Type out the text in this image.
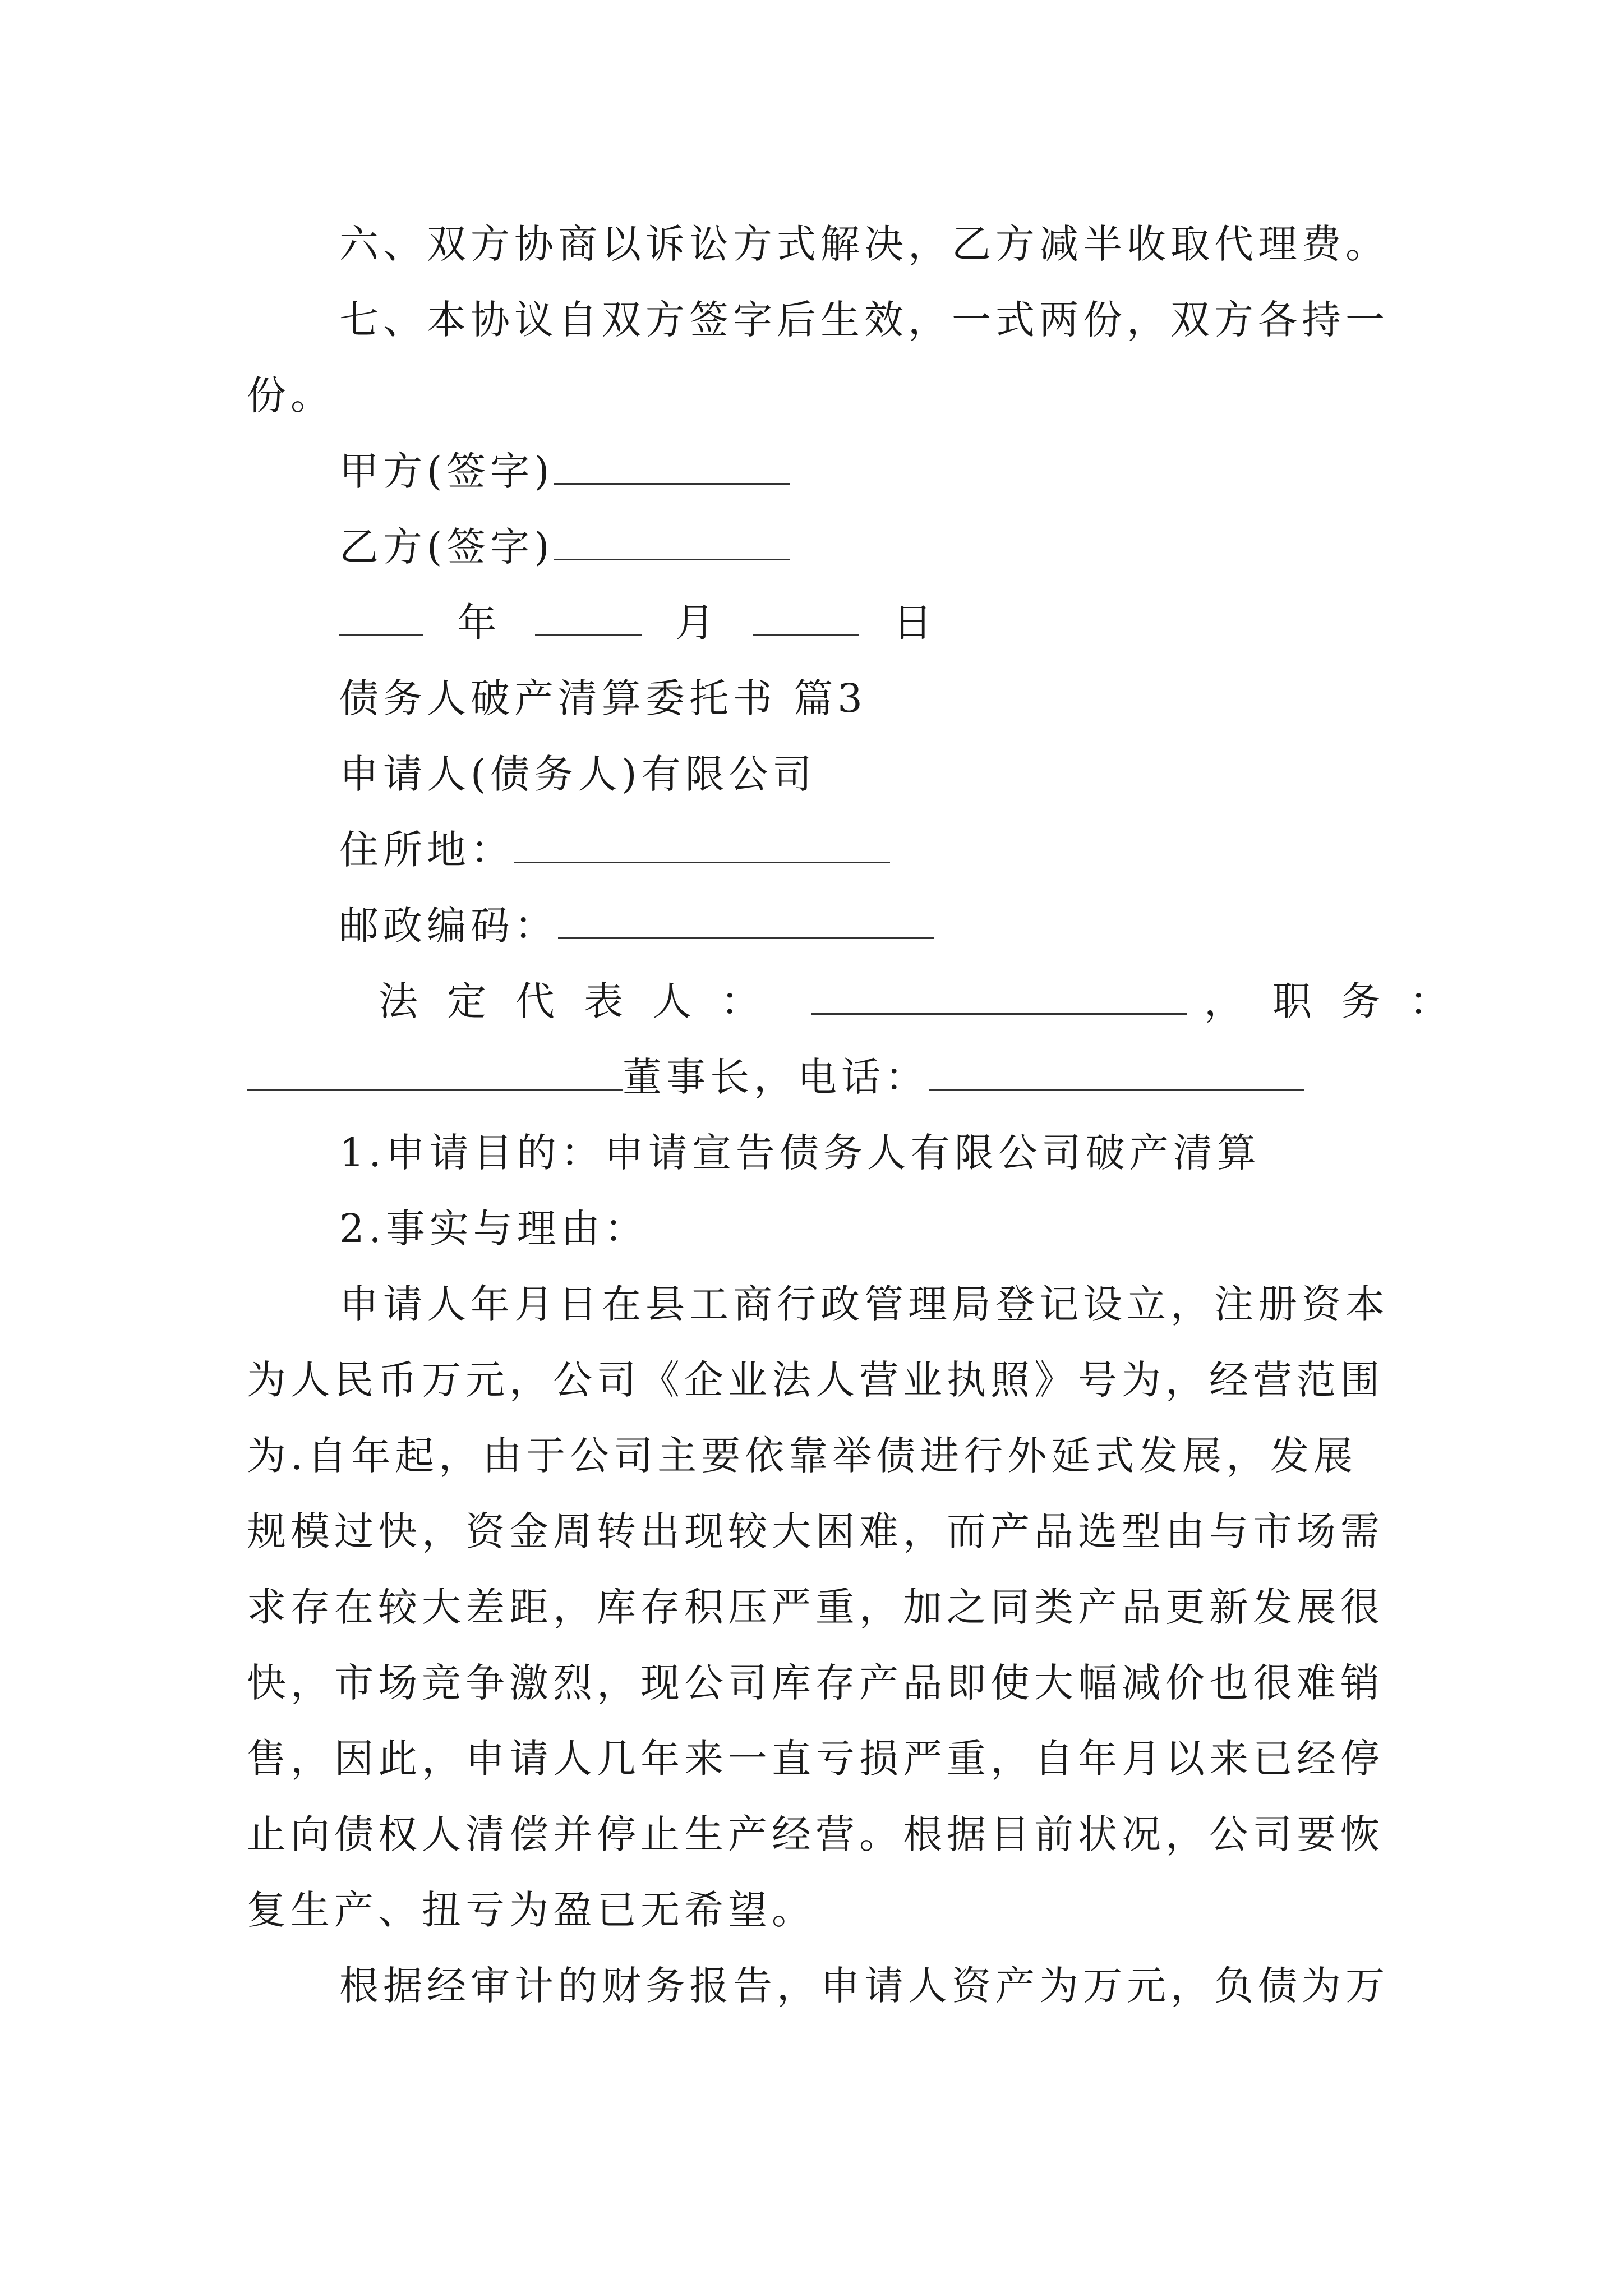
六、双方协商以诉讼方式解决，乙方减半收取代理费。
七、本协议自双方签字后生效，一式两份，双方各持一
份。
甲方(签字)
乙方(签字)
年	月	日
债务人破产清算委托书 篇3
申请人(债务人)有限公司
住所地：
邮政编码：
法定代表人：	，职务：
董事长，电话：
1.申请目的：申请宣告债务人有限公司破产清算
2.事实与理由：
申请人年月日在县工商行政管理局登记设立，注册资本
为人民币万元，公司《企业法人营业执照》号为，经营范围
为.自年起，由于公司主要依靠举债进行外延式发展，发展
规模过快，资金周转出现较大困难，而产品选型由与市场需
求存在较大差距，库存积压严重，加之同类产品更新发展很
快，市场竞争激烈，现公司库存产品即使大幅减价也很难销
售，因此，申请人几年来一直亏损严重，自年月以来已经停
止向债权人清偿并停止生产经营。根据目前状况，公司要恢
复生产、扭亏为盈已无希望。
根据经审计的财务报告，申请人资产为万元，负债为万
